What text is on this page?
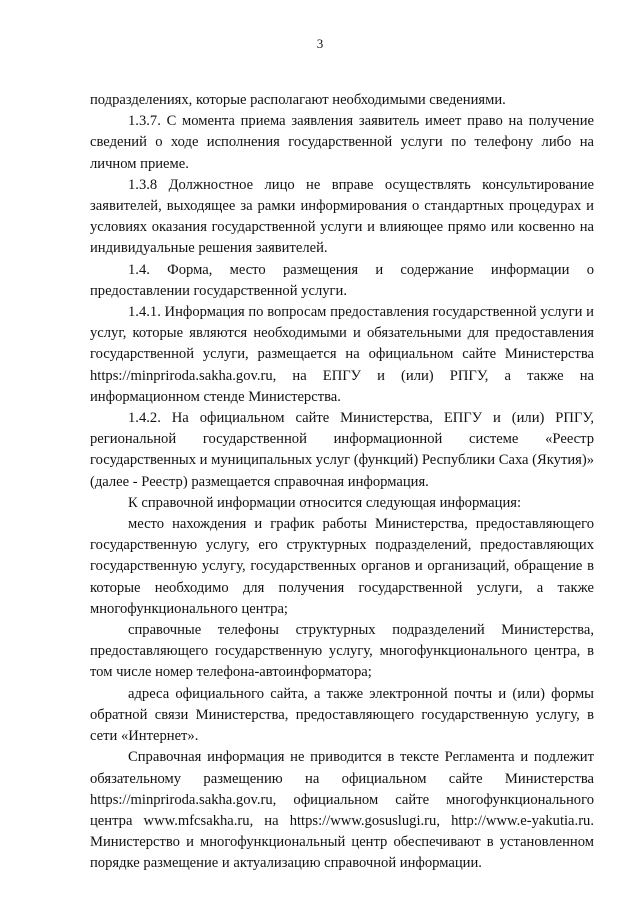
3

подразделениях, которые располагают необходимыми сведениями.

1.3.7. С момента приема заявления заявитель имеет право на получение сведений о ходе исполнения государственной услуги по телефону либо на личном приеме.

1.3.8 Должностное лицо не вправе осуществлять консультирование заявителей, выходящее за рамки информирования о стандартных процедурах и условиях оказания государственной услуги и влияющее прямо или косвенно на индивидуальные решения заявителей.

1.4. Форма, место размещения и содержание информации о предоставлении государственной услуги.

1.4.1. Информация по вопросам предоставления государственной услуги и услуг, которые являются необходимыми и обязательными для предоставления государственной услуги, размещается на официальном сайте Министерства https://minpriroda.sakha.gov.ru, на ЕПГУ и (или) РПГУ, а также на информационном стенде Министерства.

1.4.2. На официальном сайте Министерства, ЕПГУ и (или) РПГУ, региональной государственной информационной системе «Реестр государственных и муниципальных услуг (функций) Республики Саха (Якутия)» (далее - Реестр) размещается справочная информация.

К справочной информации относится следующая информация:

место нахождения и график работы Министерства, предоставляющего государственную услугу, его структурных подразделений, предоставляющих государственную услугу, государственных органов и организаций, обращение в которые необходимо для получения государственной услуги, а также многофункционального центра;

справочные телефоны структурных подразделений Министерства, предоставляющего государственную услугу, многофункционального центра, в том числе номер телефона-автоинформатора;

адреса официального сайта, а также электронной почты и (или) формы обратной связи Министерства, предоставляющего государственную услугу, в сети «Интернет».

Справочная информация не приводится в тексте Регламента и подлежит обязательному размещению на официальном сайте Министерства https://minpriroda.sakha.gov.ru, официальном сайте многофункционального центра www.mfcsakha.ru, на https://www.gosuslugi.ru, http://www.e-yakutia.ru. Министерство и многофункциональный центр обеспечивают в установленном порядке размещение и актуализацию справочной информации.
